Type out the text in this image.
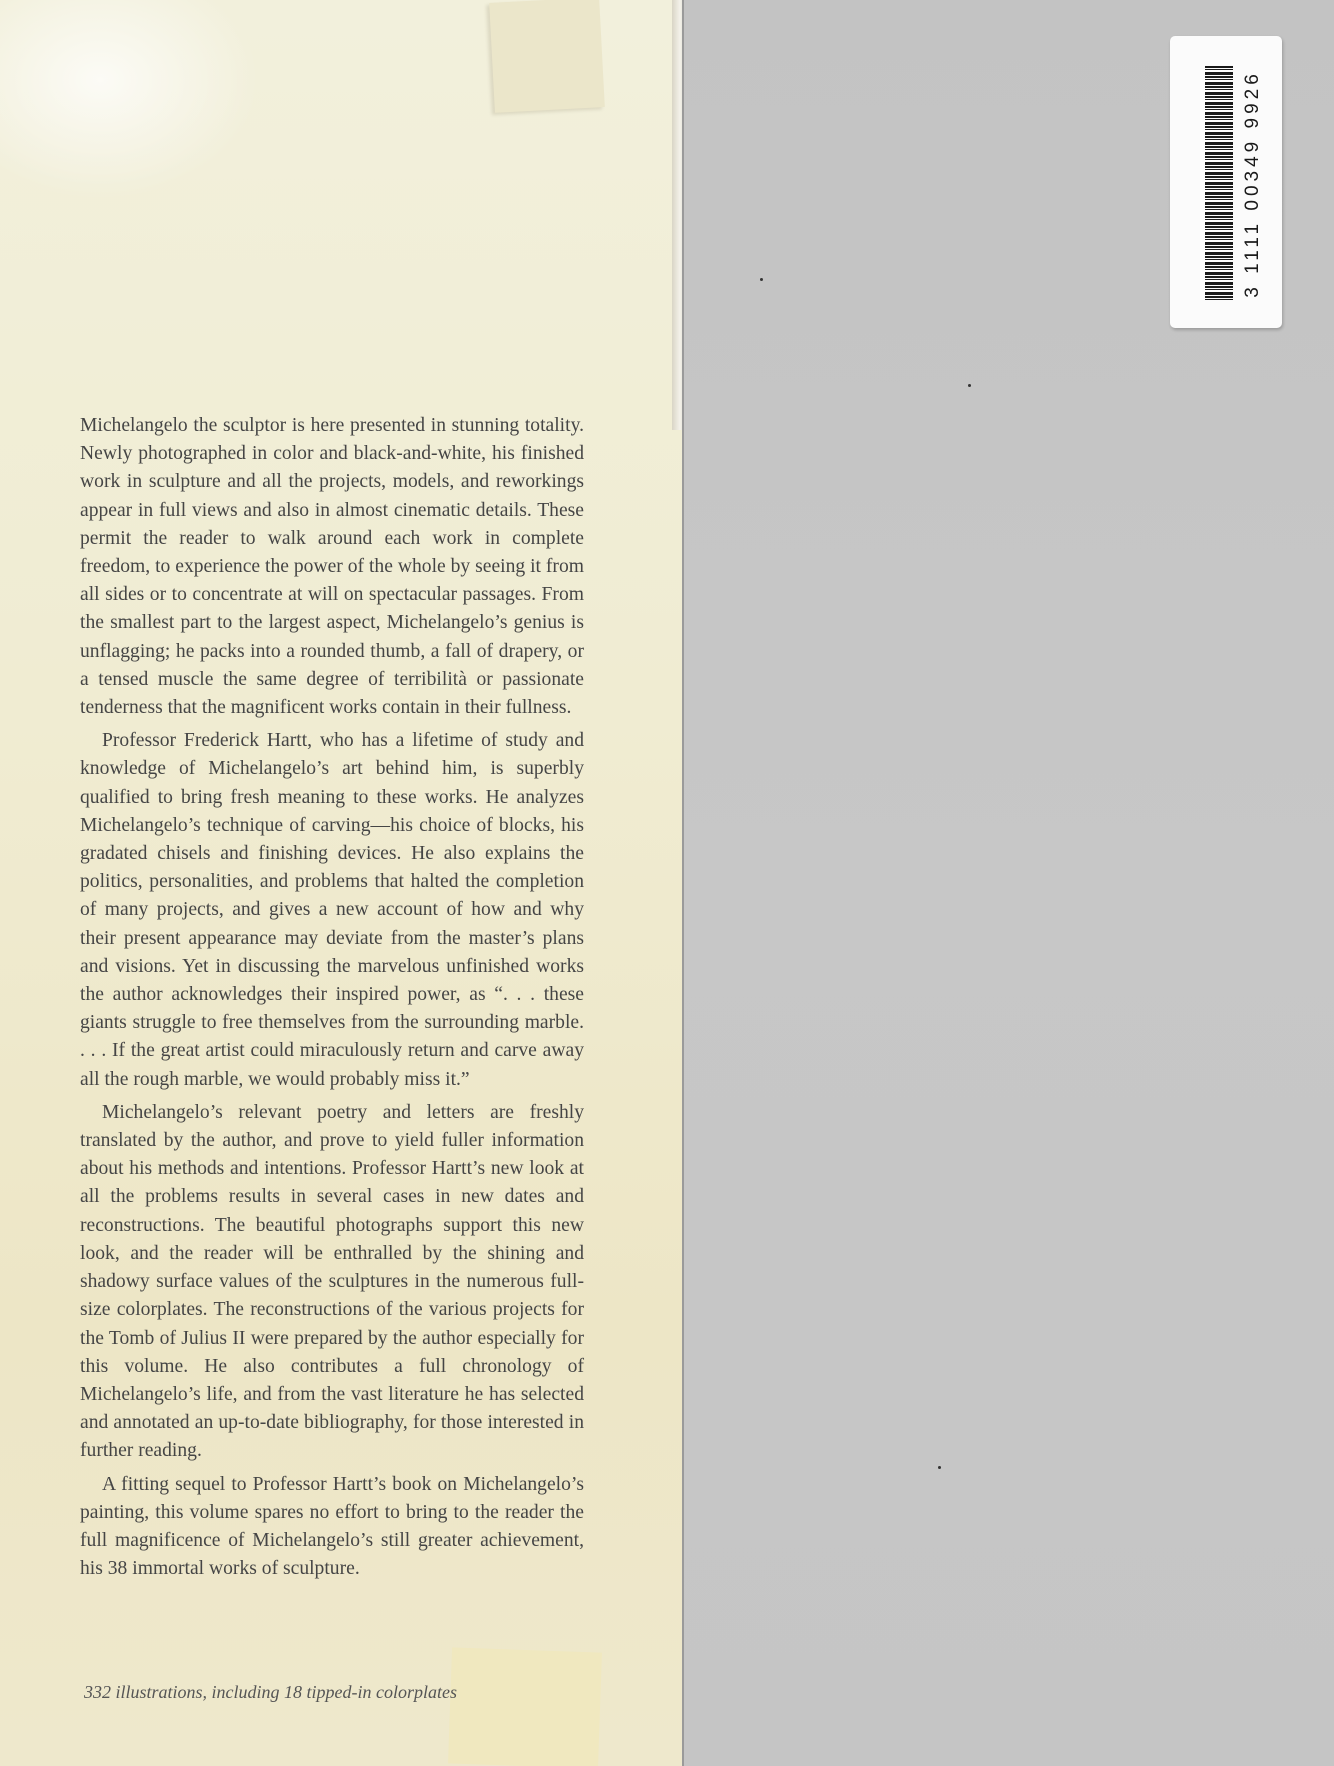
Michelangelo the sculptor is here presented in stunning totality. Newly photographed in color and black-and-white, his finished work in sculpture and all the projects, models, and reworkings appear in full views and also in almost cinematic details. These permit the reader to walk around each work in complete freedom, to experience the power of the whole by seeing it from all sides or to concentrate at will on spectacular passages. From the smallest part to the largest aspect, Michelangelo’s genius is unflagging; he packs into a rounded thumb, a fall of drapery, or a tensed muscle the same degree of terribilità or passionate tenderness that the magnificent works contain in their fullness.

Professor Frederick Hartt, who has a lifetime of study and knowledge of Michelangelo’s art behind him, is superbly qualified to bring fresh meaning to these works. He analyzes Michelangelo’s technique of carving—his choice of blocks, his gradated chisels and finishing devices. He also explains the politics, personalities, and problems that halted the completion of many projects, and gives a new account of how and why their present appearance may deviate from the master’s plans and visions. Yet in discussing the marvelous unfinished works the author acknowledges their inspired power, as “. . . these giants struggle to free themselves from the surrounding marble. . . . If the great artist could miraculously return and carve away all the rough marble, we would probably miss it.”

Michelangelo’s relevant poetry and letters are freshly translated by the author, and prove to yield fuller information about his methods and intentions. Professor Hartt’s new look at all the problems results in several cases in new dates and reconstructions. The beautiful photographs support this new look, and the reader will be enthralled by the shining and shadowy surface values of the sculptures in the numerous full-size colorplates. The reconstructions of the various projects for the Tomb of Julius II were prepared by the author especially for this volume. He also contributes a full chronology of Michelangelo’s life, and from the vast literature he has selected and annotated an up-to-date bibliography, for those interested in further reading.

A fitting sequel to Professor Hartt’s book on Michelangelo’s painting, this volume spares no effort to bring to the reader the full magnificence of Michelangelo’s still greater achievement, his 38 immortal works of sculpture.

332 illustrations, including 18 tipped-in colorplates
3 1111 00349 9926
